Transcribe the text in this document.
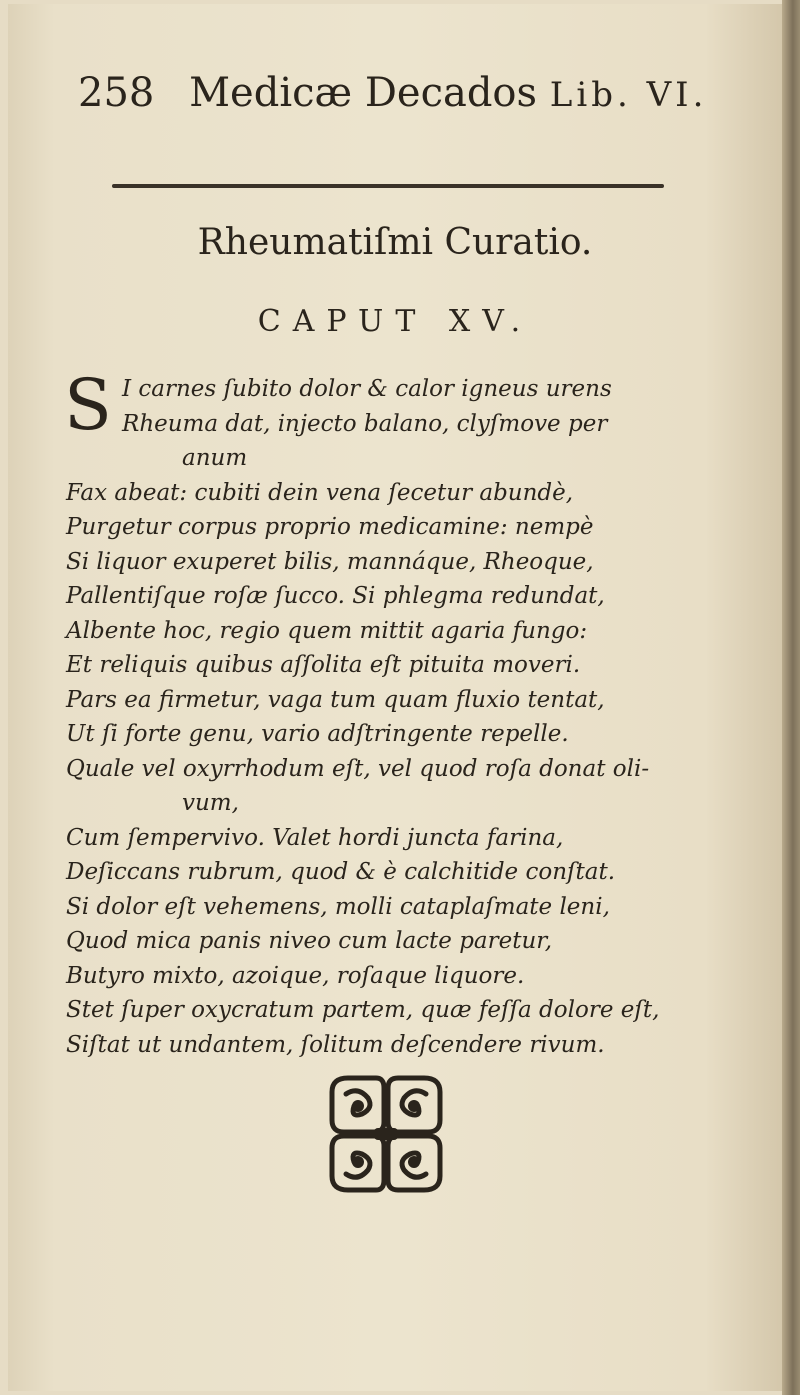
258 Medicæ Decados Lib. VI.
Rheumatiſmi Curatio.
CAPUT XV.
S I carnes ſubito dolor & calor igneus urens
Rheuma dat, injecto balano, clyſmove per
anum
Fax abeat: cubiti dein vena ſecetur abundè,
Purgetur corpus proprio medicamine: nempè
Si liquor exuperet bilis, mannáque, Rheoque,
Pallentiſque roſæ ſucco. Si phlegma redundat,
Albente hoc, regio quem mittit agaria fungo:
Et reliquis quibus aſſolita eſt pituita moveri.
Pars ea firmetur, vaga tum quam fluxio tentat,
Ut ſi forte genu, vario adſtringente repelle.
Quale vel oxyrrhodum eſt, vel quod roſa donat oli-
vum,
Cum ſempervivo. Valet hordi juncta farina,
Deſiccans rubrum, quod & è calchitide conſtat.
Si dolor eſt vehemens, molli cataplaſmate leni,
Quod mica panis niveo cum lacte paretur,
Butyro mixto, azoique, roſaque liquore.
Stet ſuper oxycratum partem, quæ feſſa dolore eſt,
Siſtat ut undantem, ſolitum deſcendere rivum.
